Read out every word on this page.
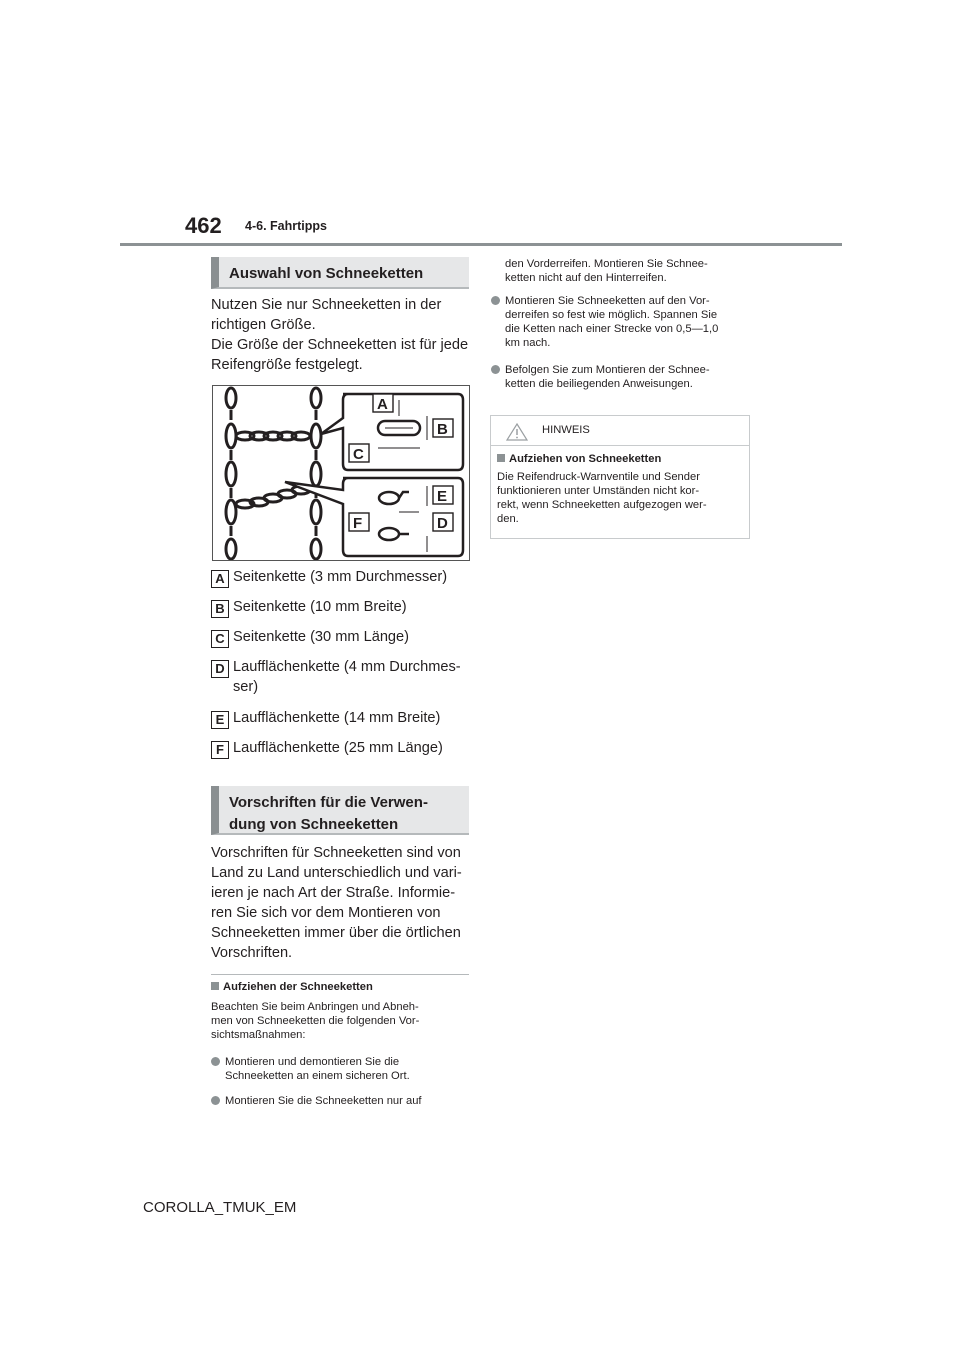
462 4-6. Fahrtipps
Auswahl von Schneeketten

Nutzen Sie nur Schneeketten in der

richtigen Größe.

Die Größe der Schneeketten ist für jede

Reifengröße festgelegt.

A
B
C
E
F	D
A Seitenkette (3 mm Durchmesser)
B Seitenkette (10 mm Breite)
C Seitenkette (30 mm Länge)
D Laufflächenkette (4 mm Durchmes-
ser)
E Laufflächenkette (14 mm Breite)
F Laufflächenkette (25 mm Länge)
Vorschriften für die Verwen-
dung von Schneeketten
Vorschriften für Schneeketten sind von
Land zu Land unterschiedlich und vari-
ieren je nach Art der Straße. Informie-
ren Sie sich vor dem Montieren von
Schneeketten immer über die örtlichen
Vorschriften.
Aufziehen der Schneeketten
Beachten Sie beim Anbringen und Abneh-
men von Schneeketten die folgenden Vor-
sichtsmaßnahmen:
Montieren und demontieren Sie die
Schneeketten an einem sicheren Ort.
Montieren Sie die Schneeketten nur auf
den Vorderreifen. Montieren Sie Schnee-
ketten nicht auf den Hinterreifen.
Montieren Sie Schneeketten auf den Vor-
derreifen so fest wie möglich. Spannen Sie
die Ketten nach einer Strecke von 0,5—1,0
km nach.
Befolgen Sie zum Montieren der Schnee-
ketten die beiliegenden Anweisungen.
HINWEIS
Aufziehen von Schneeketten
Die Reifendruck-Warnventile und Sender
funktionieren unter Umständen nicht kor-
rekt, wenn Schneeketten aufgezogen wer-
den.
COROLLA_TMUK_EM
